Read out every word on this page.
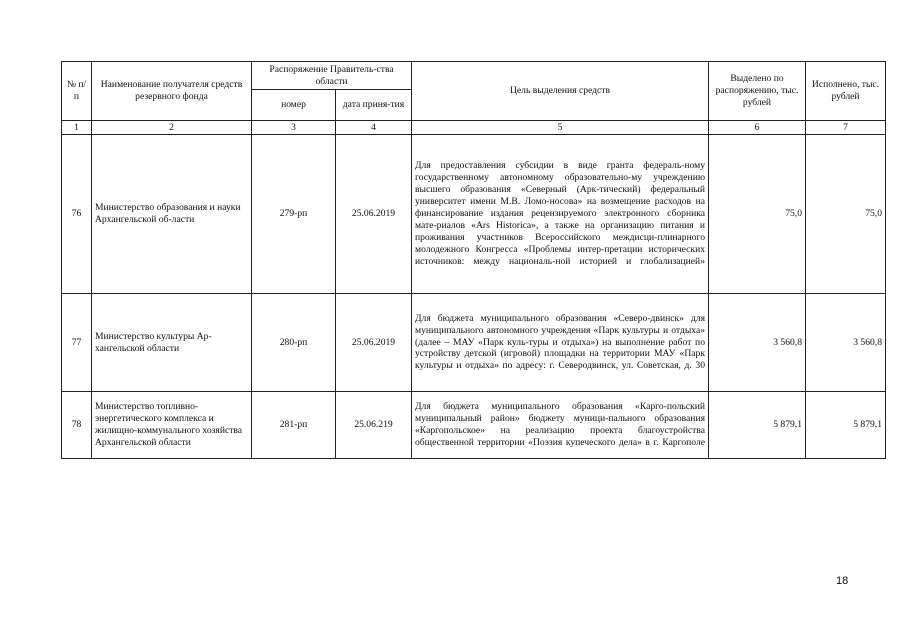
№ п/п	Наименование получателя средств резервного фонда	Распоряжение Правитель-ства области		Цель выделения средств	Выделено по распоряжению, тыс. рублей	Исполнено, тыс. рублей
		номер	дата приня-тия			
1	2	3	4	5	6	7
76	Министерство образования и науки Архангельской об-ласти	279-рп	25.06.2019	Для предоставления субсидии в виде гранта федераль-ному государственному автономному образовательно-му учреждению высшего образования «Северный (Арк-тический) федеральный университет имени М.В. Ломо-носова» на возмещение расходов на финансирование издания рецензируемого электронного сборника мате-риалов «Ars Historica», а также на организацию питания и проживания участников Всероссийского междисци-плинарного молодежного Конгресса «Проблемы интер-претации исторических источников: между националь-ной историей и глобализацией»	75,0	75,0
77	Министерство культуры Ар-хангельской области	280-рп	25.06.2019	Для бюджета муниципального образования «Северо-двинск» для муниципального автономного учреждения «Парк культуры и отдыха» (далее – МАУ «Парк куль-туры и отдыха») на выполнение работ по устройству детской (игровой) площадки на территории МАУ «Парк культуры и отдыха» по адресу: г. Северодвинск, ул. Советская, д. 30	3 560,8	3 560,8
78	Министерство топливно-энергетического комплекса и жилищно-коммунального хозяйства Архангельской области	281-рп	25.06.219	Для бюджета муниципального образования «Карго-польский муниципальный район» бюджету муници-пального образования «Каргопольское» на реализацию проекта благоустройства общественной территории «Поэзия купеческого дела» в г. Каргополе	5 879,1	5 879,1
18
